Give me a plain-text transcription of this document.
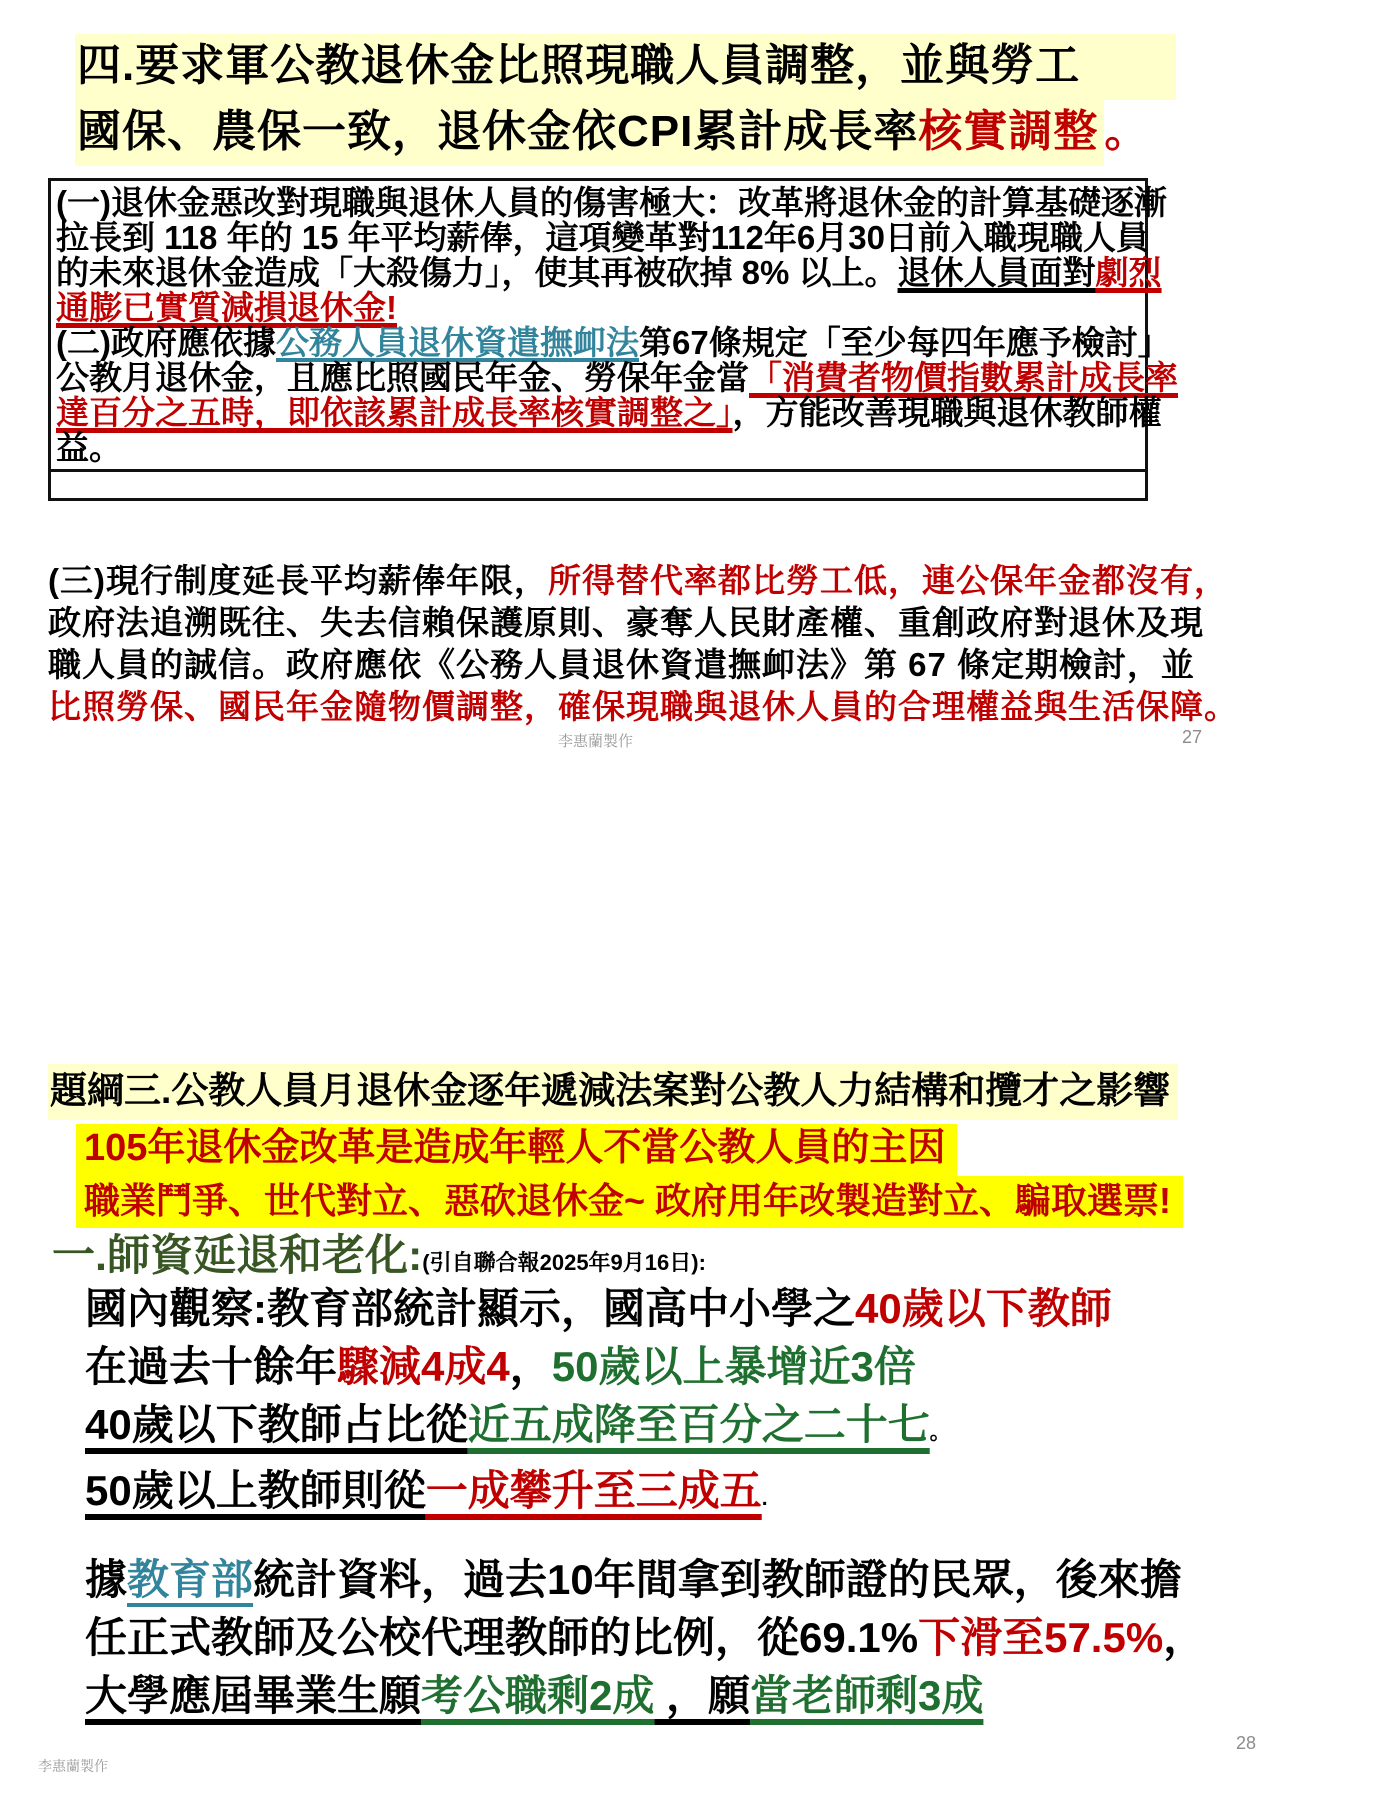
四.要求軍公教退休金比照現職人員調整，並與勞工
國保、農保一致，退休金依CPI累計成長率核實調整 。
(一)退休金惡改對現職與退休人員的傷害極大：改革將退休金的計算基礎逐漸
拉長到 118 年的 15 年平均薪俸，這項變革對112年6月30日前入職現職人員
的未來退休金造成「大殺傷力」，使其再被砍掉 8% 以上。退休人員面對劇烈
通膨已實質減損退休金!
(二)政府應依據公務人員退休資遣撫卹法第67條規定「至少每四年應予檢討」
公教月退休金，且應比照國民年金、勞保年金當「消費者物價指數累計成長率
達百分之五時，即依該累計成長率核實調整之」，方能改善現職與退休教師權
益。
(三)現行制度延長平均薪俸年限，所得替代率都比勞工低，連公保年金都沒有，
政府法追溯既往、失去信賴保護原則、豪奪人民財產權、重創政府對退休及現
職人員的誠信。政府應依《公務人員退休資遣撫卹法》第 67 條定期檢討，並
比照勞保、國民年金隨物價調整，確保現職與退休人員的合理權益與生活保障。
李惠蘭製作	27
題綱三.公教人員月退休金逐年遞減法案對公教人力結構和攬才之影響
105年退休金改革是造成年輕人不當公教人員的主因
職業鬥爭、世代對立、惡砍退休金~ 政府用年改製造對立、騙取選票!
一.師資延退和老化:(引自聯合報2025年9月16日):
國內觀察:教育部統計顯示，國高中小學之40歲以下教師
在過去十餘年驟減4成4，50歲以上暴增近3倍
40歲以下教師占比從近五成降至百分之二十七。
50歲以上教師則從一成攀升至三成五.
據教育部統計資料，過去10年間拿到教師證的民眾，後來擔
任正式教師及公校代理教師的比例，從69.1%下滑至57.5%，
大學應屆畢業生願考公職剩2成 ，願當老師剩3成
李惠蘭製作
28
